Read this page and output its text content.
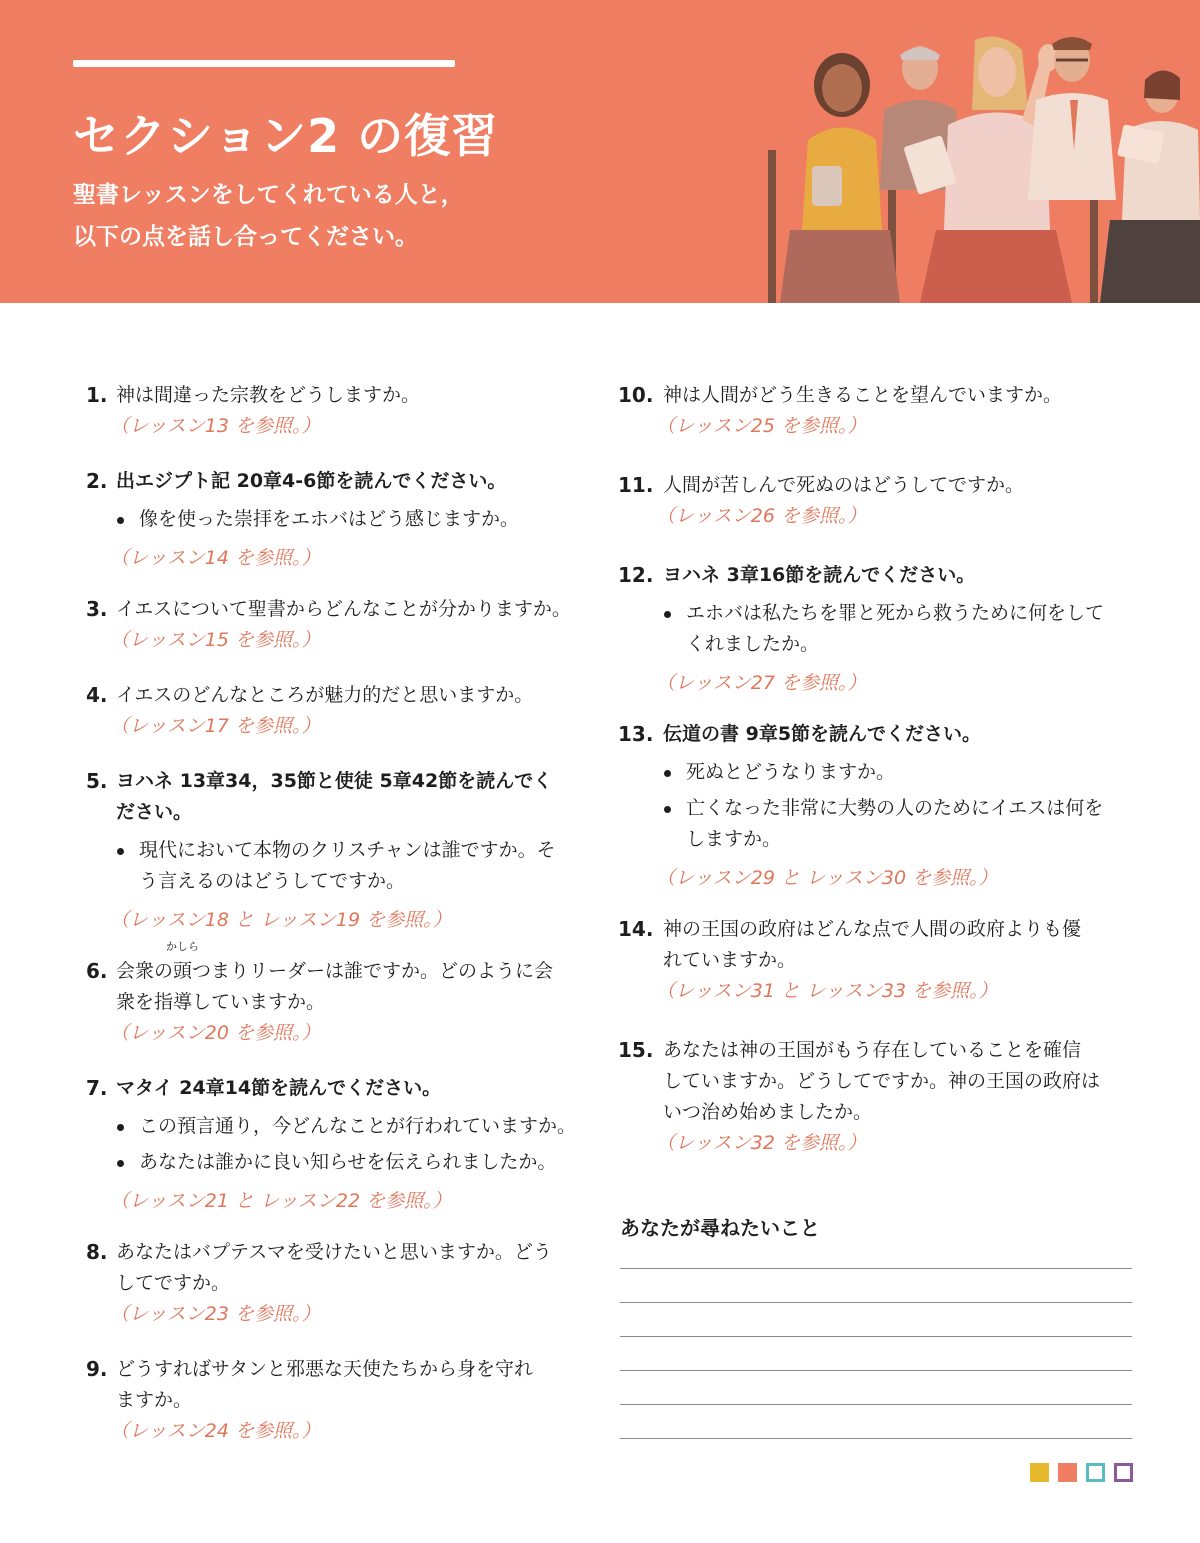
セクション2 の復習
聖書レッスンをしてくれている人と，
以下の点を話し合ってください。
1. 神は間違った宗教をどうしますか。
（レッスン13 を参照。）
2. 出エジプト記 20章4-6節を読んでください。
像を使った崇拝をエホバはどう感じますか。
（レッスン14 を参照。）
3. イエスについて聖書からどんなことが分かりますか。
（レッスン15 を参照。）
4. イエスのどんなところが魅力的だと思いますか。
（レッスン17 を参照。）
5. ヨハネ 13章34，35節と使徒 5章42節を読んでく
ださい。
現代において本物のクリスチャンは誰ですか。そ
う言えるのはどうしてですか。
（レッスン18 と レッスン19 を参照。）
6. 会衆の
かしら
頭つまりリーダーは誰ですか。どのように会
衆を指導していますか。
（レッスン20 を参照。）
7. マタイ 24章14節を読んでください。
この預言通り，今どんなことが行われていますか。
あなたは誰かに良い知らせを伝えられましたか。
（レッスン21 と レッスン22 を参照。）
8. あなたはバプテスマを受けたいと思いますか。どう
してですか。
（レッスン23 を参照。）
9. どうすればサタンと邪悪な天使たちから身を守れ
ますか。
（レッスン24 を参照。）
10. 神は人間がどう生きることを望んでいますか。
（レッスン25 を参照。）
11. 人間が苦しんで死ぬのはどうしてですか。
（レッスン26 を参照。）
12. ヨハネ 3章16節を読んでください。
エホバは私たちを罪と死から救うために何をして
くれましたか。
（レッスン27 を参照。）
13. 伝道の書 9章5節を読んでください。
死ぬとどうなりますか。
亡くなった非常に大勢の人のためにイエスは何を
しますか。
（レッスン29 と レッスン30 を参照。）
14. 神の王国の政府はどんな点で人間の政府よりも優
れていますか。
（レッスン31 と レッスン33 を参照。）
15. あなたは神の王国がもう存在していることを確信
していますか。どうしてですか。神の王国の政府は
いつ治め始めましたか。
（レッスン32 を参照。）
あなたが尋ねたいこと
